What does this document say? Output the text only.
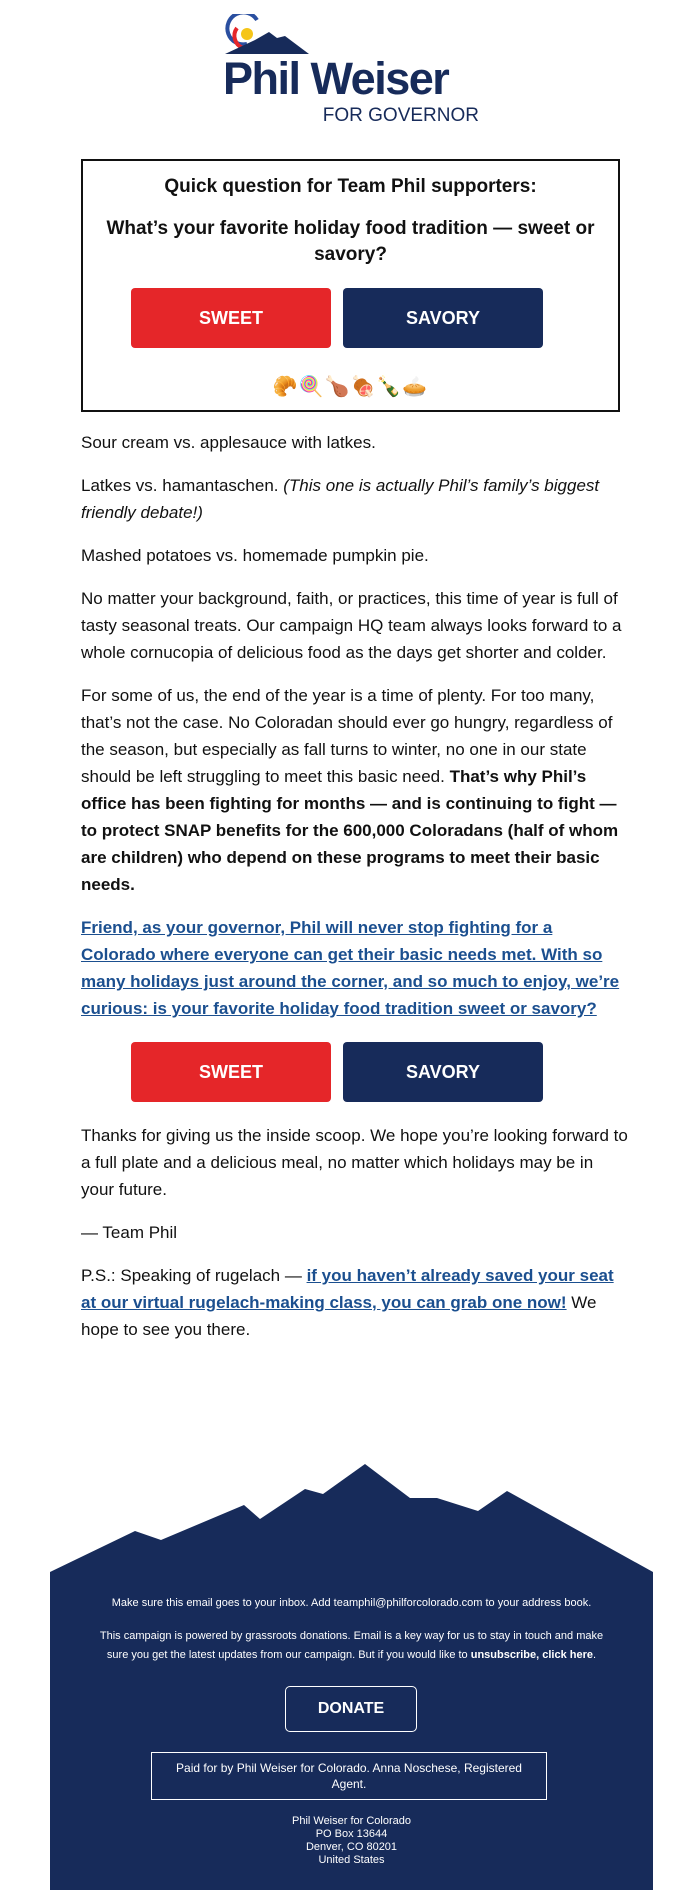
Phil Weiser
FOR GOVERNOR
Quick question for Team Phil supporters:
What’s your favorite holiday food tradition — sweet or savory?
SWEET	SAVORY
🥐🍭🍗🍖🍾🥧

Sour cream vs. applesauce with latkes.

Latkes vs. hamantaschen. (This one is actually Phil’s family’s biggest friendly debate!)

Mashed potatoes vs. homemade pumpkin pie.

No matter your background, faith, or practices, this time of year is full of tasty seasonal treats. Our campaign HQ team always looks forward to a whole cornucopia of delicious food as the days get shorter and colder.

For some of us, the end of the year is a time of plenty. For too many, that’s not the case. No Coloradan should ever go hungry, regardless of the season, but especially as fall turns to winter, no one in our state should be left struggling to meet this basic need. That’s why Phil’s office has been fighting for months — and is continuing to fight — to protect SNAP benefits for the 600,000 Coloradans (half of whom are children) who depend on these programs to meet their basic needs.

Friend, as your governor, Phil will never stop fighting for a Colorado where everyone can get their basic needs met. With so many holidays just around the corner, and so much to enjoy, we’re curious: is your favorite holiday food tradition sweet or savory?

SWEET	SAVORY

Thanks for giving us the inside scoop. We hope you’re looking forward to a full plate and a delicious meal, no matter which holidays may be in your future.

— Team Phil

P.S.: Speaking of rugelach — if you haven’t already saved your seat at our virtual rugelach-making class, you can grab one now! We hope to see you there.

Make sure this email goes to your inbox. Add teamphil@philforcolorado.com to your address book.
This campaign is powered by grassroots donations. Email is a key way for us to stay in touch and make sure you get the latest updates from our campaign. But if you would like to unsubscribe, click here.
DONATE
Paid for by Phil Weiser for Colorado. Anna Noschese, Registered Agent.
Phil Weiser for Colorado
PO Box 13644
Denver, CO 80201
United States
